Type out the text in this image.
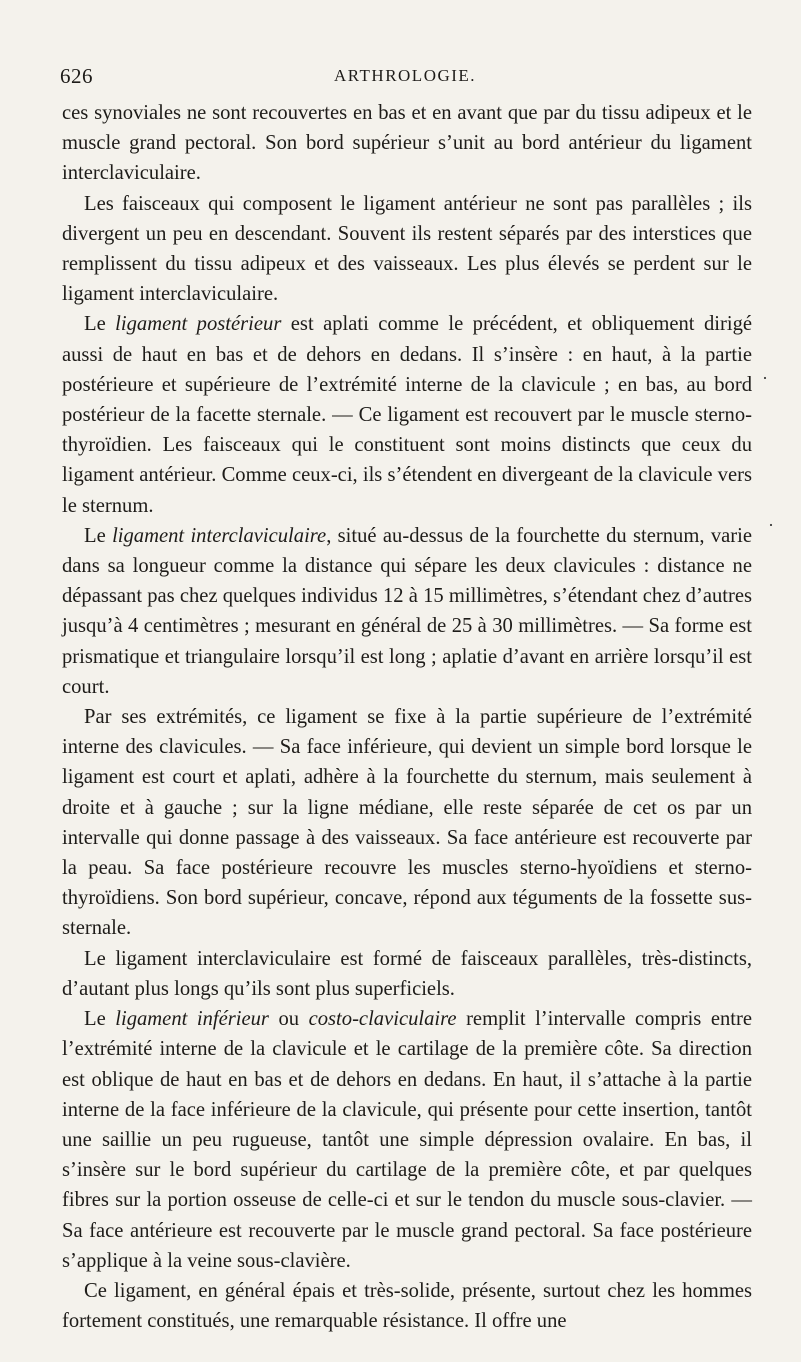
626	ARTHROLOGIE.

ces synoviales ne sont recouvertes en bas et en avant que par du tissu adipeux et le muscle grand pectoral. Son bord supérieur s’unit au bord antérieur du ligament interclaviculaire.

Les faisceaux qui composent le ligament antérieur ne sont pas parallèles ; ils divergent un peu en descendant. Souvent ils restent séparés par des interstices que remplissent du tissu adipeux et des vaisseaux. Les plus élevés se perdent sur le ligament interclaviculaire.

Le ligament postérieur est aplati comme le précédent, et obliquement dirigé aussi de haut en bas et de dehors en dedans. Il s’insère : en haut, à la partie postérieure et supérieure de l’extrémité interne de la clavicule ; en bas, au bord postérieur de la facette sternale. — Ce ligament est recouvert par le muscle sterno-thyroïdien. Les faisceaux qui le constituent sont moins distincts que ceux du ligament antérieur. Comme ceux-ci, ils s’étendent en divergeant de la clavicule vers le sternum.

Le ligament interclaviculaire, situé au-dessus de la fourchette du sternum, varie dans sa longueur comme la distance qui sépare les deux clavicules : distance ne dépassant pas chez quelques individus 12 à 15 millimètres, s’étendant chez d’autres jusqu’à 4 centimètres ; mesurant en général de 25 à 30 millimètres. — Sa forme est prismatique et triangulaire lorsqu’il est long ; aplatie d’avant en arrière lorsqu’il est court.

Par ses extrémités, ce ligament se fixe à la partie supérieure de l’extrémité interne des clavicules. — Sa face inférieure, qui devient un simple bord lorsque le ligament est court et aplati, adhère à la fourchette du sternum, mais seulement à droite et à gauche ; sur la ligne médiane, elle reste séparée de cet os par un intervalle qui donne passage à des vaisseaux. Sa face antérieure est recouverte par la peau. Sa face postérieure recouvre les muscles sterno-hyoïdiens et sterno-thyroïdiens. Son bord supérieur, concave, répond aux téguments de la fossette sus-sternale.

Le ligament interclaviculaire est formé de faisceaux parallèles, très-distincts, d’autant plus longs qu’ils sont plus superficiels.

Le ligament inférieur ou costo-claviculaire remplit l’intervalle compris entre l’extrémité interne de la clavicule et le cartilage de la première côte. Sa direction est oblique de haut en bas et de dehors en dedans. En haut, il s’attache à la partie interne de la face inférieure de la clavicule, qui présente pour cette insertion, tantôt une saillie un peu rugueuse, tantôt une simple dépression ovalaire. En bas, il s’insère sur le bord supérieur du cartilage de la première côte, et par quelques fibres sur la portion osseuse de celle-ci et sur le tendon du muscle sous-clavier. — Sa face antérieure est recouverte par le muscle grand pectoral. Sa face postérieure s’applique à la veine sous-clavière.

Ce ligament, en général épais et très-solide, présente, surtout chez les hommes fortement constitués, une remarquable résistance. Il offre une

·
·
